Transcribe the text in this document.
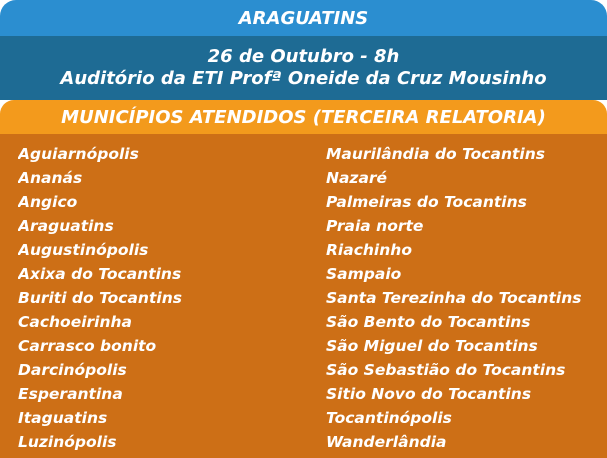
ARAGUATINS
26 de Outubro - 8h
Auditório da ETI Profª Oneide da Cruz Mousinho
MUNICÍPIOS ATENDIDOS (TERCEIRA RELATORIA)
Aguiarnópolis
Ananás
Angico
Araguatins
Augustinópolis
Axixa do Tocantins
Buriti do Tocantins
Cachoeirinha
Carrasco bonito
Darcinópolis
Esperantina
Itaguatins
Luzinópolis
Maurilândia do Tocantins
Nazaré
Palmeiras do Tocantins
Praia norte
Riachinho
Sampaio
Santa Terezinha do Tocantins
São Bento do Tocantins
São Miguel do Tocantins
São Sebastião do Tocantins
Sitio Novo do Tocantins
Tocantinópolis
Wanderlândia
